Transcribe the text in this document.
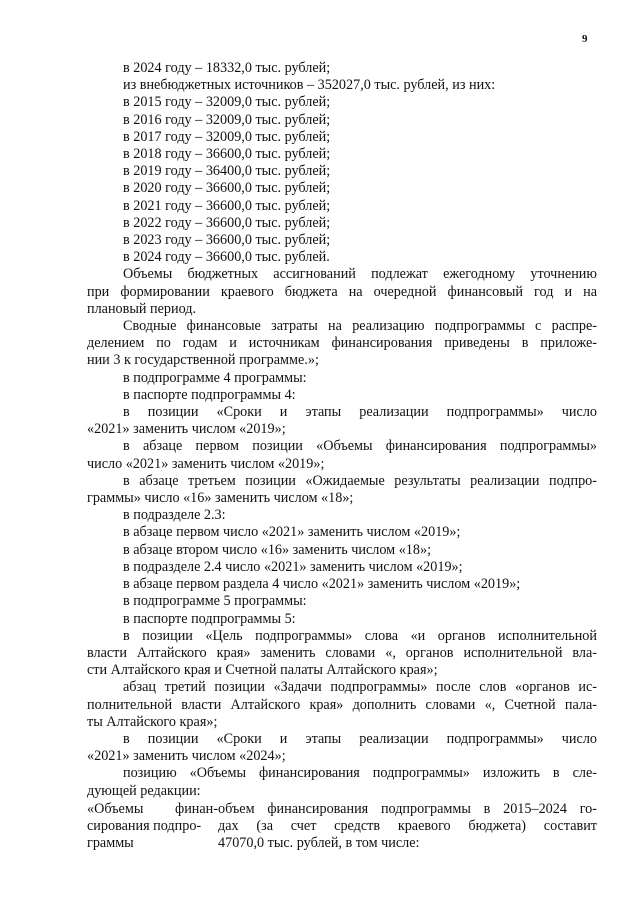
9
в 2024 году – 18332,0 тыс. рублей;
из внебюджетных источников – 352027,0 тыс. рублей, из них:
в 2015 году – 32009,0 тыс. рублей;
в 2016 году – 32009,0 тыс. рублей;
в 2017 году – 32009,0 тыс. рублей;
в 2018 году – 36600,0 тыс. рублей;
в 2019 году – 36400,0 тыс. рублей;
в 2020 году – 36600,0 тыс. рублей;
в 2021 году – 36600,0 тыс. рублей;
в 2022 году – 36600,0 тыс. рублей;
в 2023 году – 36600,0 тыс. рублей;
в 2024 году – 36600,0 тыс. рублей.
Объемы бюджетных ассигнований подлежат ежегодному уточнению
при формировании краевого бюджета на очередной финансовый год и на
плановый период.
Сводные финансовые затраты на реализацию подпрограммы с распре-
делением по годам и источникам финансирования приведены в приложе-
нии 3 к государственной программе.»;
в подпрограмме 4 программы:
в паспорте подпрограммы 4:
в позиции «Сроки и этапы реализации подпрограммы» число
«2021» заменить числом «2019»;
в абзаце первом позиции «Объемы финансирования подпрограммы»
число «2021» заменить числом «2019»;
в абзаце третьем позиции «Ожидаемые результаты реализации подпро-
граммы» число «16» заменить числом «18»;
в подразделе 2.3:
в абзаце первом число «2021» заменить числом «2019»;
в абзаце втором число «16» заменить числом «18»;
в подразделе 2.4 число «2021» заменить числом «2019»;
в абзаце первом раздела 4 число «2021» заменить числом «2019»;
в подпрограмме 5 программы:
в паспорте подпрограммы 5:
в позиции «Цель подпрограммы» слова «и органов исполнительной
власти Алтайского края» заменить словами «, органов исполнительной вла-
сти Алтайского края и Счетной палаты Алтайского края»;
абзац третий позиции «Задачи подпрограммы» после слов «органов ис-
полнительной власти Алтайского края» дополнить словами «, Счетной пала-
ты Алтайского края»;
в позиции «Сроки и этапы реализации подпрограммы» число
«2021» заменить числом «2024»;
позицию «Объемы финансирования подпрограммы» изложить в сле-
дующей редакции:
«Объемы финан-
сирования подпро-
граммы
объем финансирования подпрограммы в 2015–2024 го-
дах (за счет средств краевого бюджета) составит
47070,0 тыс. рублей, в том числе:
